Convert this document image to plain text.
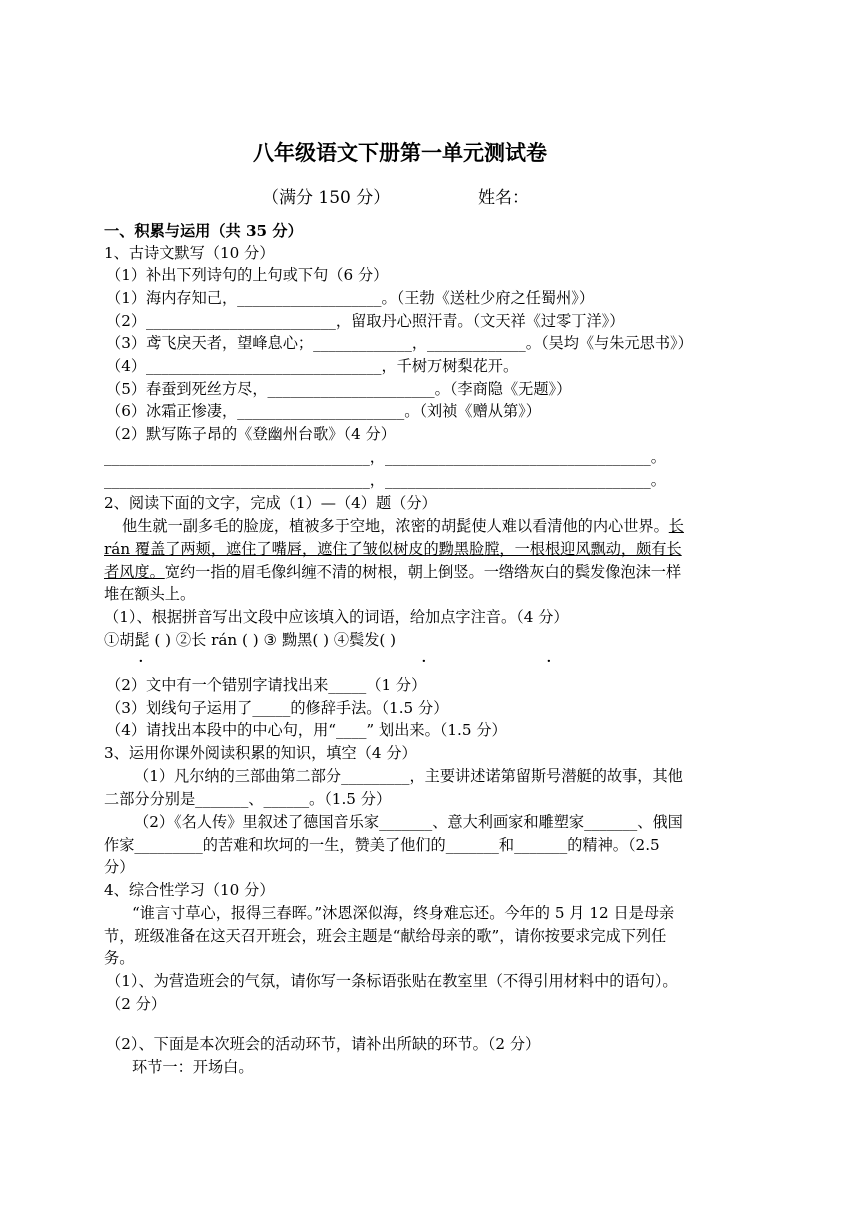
八年级语文下册第一单元测试卷
（满分 150 分）	姓名：
一、积累与运用（共 35 分）
1、古诗文默写（10 分）
（1）补出下列诗句的上句或下句（6 分）
（1）海内存知己，___________________。（王勃《送杜少府之任蜀州》）
（2）_________________________，留取丹心照汗青。（文天祥《过零丁洋》）
（3）鸢飞戾天者，望峰息心；_____________，_____________。（吴均《与朱元思书》）
（4）_______________________________，千树万树梨花开。
（5）春蚕到死丝方尽，______________________。（李商隐《无题》）
（6）冰霜正惨凄，______________________。（刘祯《赠从第》）
（2）默写陈子昂的《登幽州台歌》（4 分）
___________________________________，___________________________________。
___________________________________，___________________________________。
2、阅读下面的文字，完成（1）—（4）题（分）
他生就一副多毛的脸庞，植被多于空地，浓密的胡髭使人难以看清他的内心世界。长
rán 覆盖了两颊，遮住了嘴唇，遮住了皱似树皮的黝黑脸膛，一根根迎风飘动，颇有长
者风度。宽约一指的眉毛像纠缠不清的树根，朝上倒竖。一绺绺灰白的鬓发像泡沫一样
堆在额头上。
（1）、根据拼音写出文段中应该填入的词语，给加点字注音。（4 分）
①胡髭 ( ) ②长 rán ( ) ③ 黝黑( ) ④鬓发( )
·	·	·
（2）文中有一个错别字请找出来_____（1 分）
（3）划线句子运用了_____的修辞手法。（1.5 分）
（4）请找出本段中的中心句，用“____” 划出来。（1.5 分）
3、运用你课外阅读积累的知识，填空（4 分）
（1）凡尔纳的三部曲第二部分_________，主要讲述诺第留斯号潜艇的故事，其他
二部分分别是_______、______。（1.5 分）
（2）《名人传》里叙述了德国音乐家_______、意大利画家和雕塑家_______、俄国
作家_________的苦难和坎坷的一生，赞美了他们的_______和_______的精神。（2.5
分）
4、综合性学习（10 分）
“谁言寸草心，报得三春晖。”沐恩深似海，终身难忘还。今年的 5 月 12 日是母亲
节，班级准备在这天召开班会，班会主题是“献给母亲的歌”，请你按要求完成下列任
务。
（1）、为营造班会的气氛，请你写一条标语张贴在教室里（不得引用材料中的语句）。
（2 分）
（2）、下面是本次班会的活动环节，请补出所缺的环节。（2 分）
环节一：开场白。
